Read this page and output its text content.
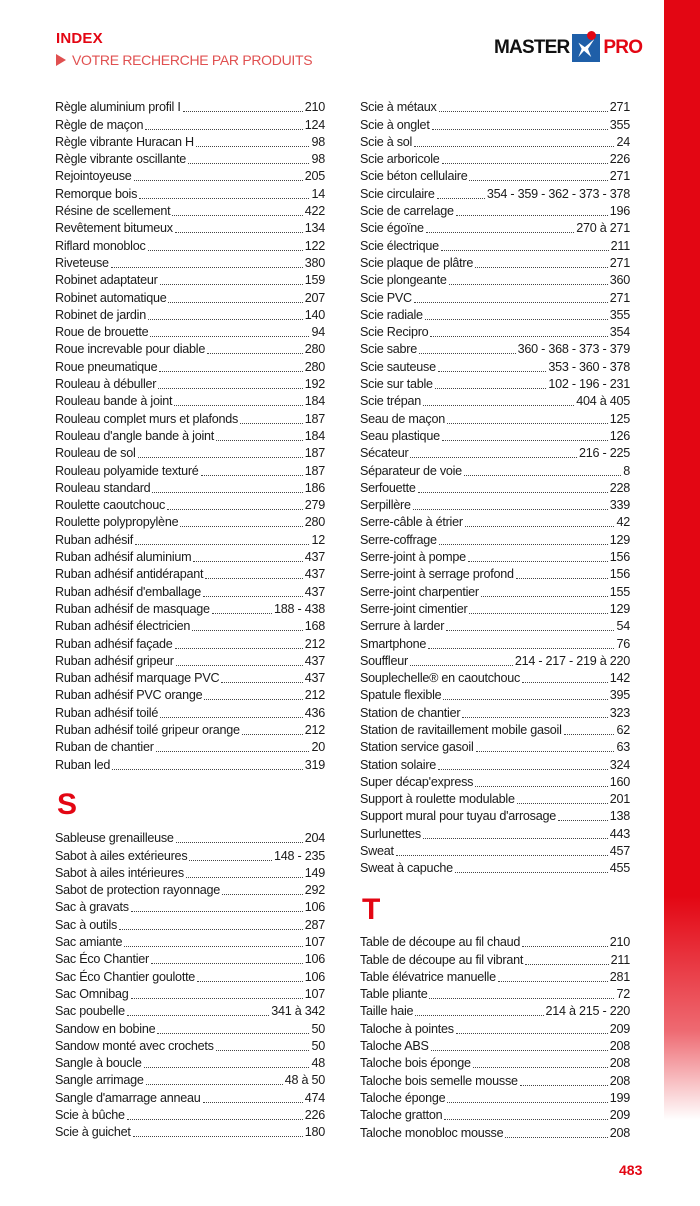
INDEX
VOTRE RECHERCHE PAR PRODUITS
MASTER PRO
Règle aluminium profil I	210
Règle de maçon	124
Règle vibrante Huracan H	98
Règle vibrante oscillante	98
Rejointoyeuse	205
Remorque bois	14
Résine de scellement	422
Revêtement bitumeux	134
Riflard monobloc	122
Riveteuse	380
Robinet adaptateur	159
Robinet automatique	207
Robinet de jardin	140
Roue de brouette	94
Roue increvable pour diable	280
Roue pneumatique	280
Rouleau à débuller	192
Rouleau bande à joint	184
Rouleau complet murs et plafonds	187
Rouleau d'angle bande à joint	184
Rouleau de sol	187
Rouleau polyamide texturé	187
Rouleau standard	186
Roulette caoutchouc	279
Roulette polypropylène	280
Ruban adhésif	12
Ruban adhésif aluminium	437
Ruban adhésif antidérapant	437
Ruban adhésif d'emballage	437
Ruban adhésif de masquage	188 - 438
Ruban adhésif électricien	168
Ruban adhésif façade	212
Ruban adhésif gripeur	437
Ruban adhésif marquage PVC	437
Ruban adhésif PVC orange	212
Ruban adhésif toilé	436
Ruban adhésif toilé gripeur orange	212
Ruban de chantier	20
Ruban led	319
S
Sableuse grenailleuse	204
Sabot à ailes extérieures	148 - 235
Sabot à ailes intérieures	149
Sabot de protection rayonnage	292
Sac à gravats	106
Sac à outils	287
Sac amiante	107
Sac Éco Chantier	106
Sac Éco Chantier goulotte	106
Sac Omnibag	107
Sac poubelle	341 à 342
Sandow en bobine	50
Sandow monté avec crochets	50
Sangle à boucle	48
Sangle arrimage	48 à 50
Sangle d'amarrage anneau	474
Scie à bûche	226
Scie à guichet	180
Scie à métaux	271
Scie à onglet	355
Scie à sol	24
Scie arboricole	226
Scie béton cellulaire	271
Scie circulaire	354 - 359 - 362 - 373 - 378
Scie de carrelage	196
Scie égoïne	270 à 271
Scie électrique	211
Scie plaque de plâtre	271
Scie plongeante	360
Scie PVC	271
Scie radiale	355
Scie Recipro	354
Scie sabre	360 - 368 - 373 - 379
Scie sauteuse	353 - 360 - 378
Scie sur table	102 - 196 - 231
Scie trépan	404 à 405
Seau de maçon	125
Seau plastique	126
Sécateur	216 - 225
Séparateur de voie	8
Serfouette	228
Serpillère	339
Serre-câble à étrier	42
Serre-coffrage	129
Serre-joint à pompe	156
Serre-joint à serrage profond	156
Serre-joint charpentier	155
Serre-joint cimentier	129
Serrure à larder	54
Smartphone	76
Souffleur	214 - 217 - 219 à 220
Souplechelle® en caoutchouc	142
Spatule flexible	395
Station de chantier	323
Station de ravitaillement mobile gasoil	62
Station service gasoil	63
Station solaire	324
Super décap'express	160
Support à roulette modulable	201
Support mural pour tuyau d'arrosage	138
Surlunettes	443
Sweat	457
Sweat à capuche	455
T
Table de découpe au fil chaud	210
Table de découpe au fil vibrant	211
Table élévatrice manuelle	281
Table pliante	72
Taille haie	214 à 215 - 220
Taloche à pointes	209
Taloche ABS	208
Taloche bois éponge	208
Taloche bois semelle mousse	208
Taloche éponge	199
Taloche gratton	209
Taloche monobloc mousse	208
483
